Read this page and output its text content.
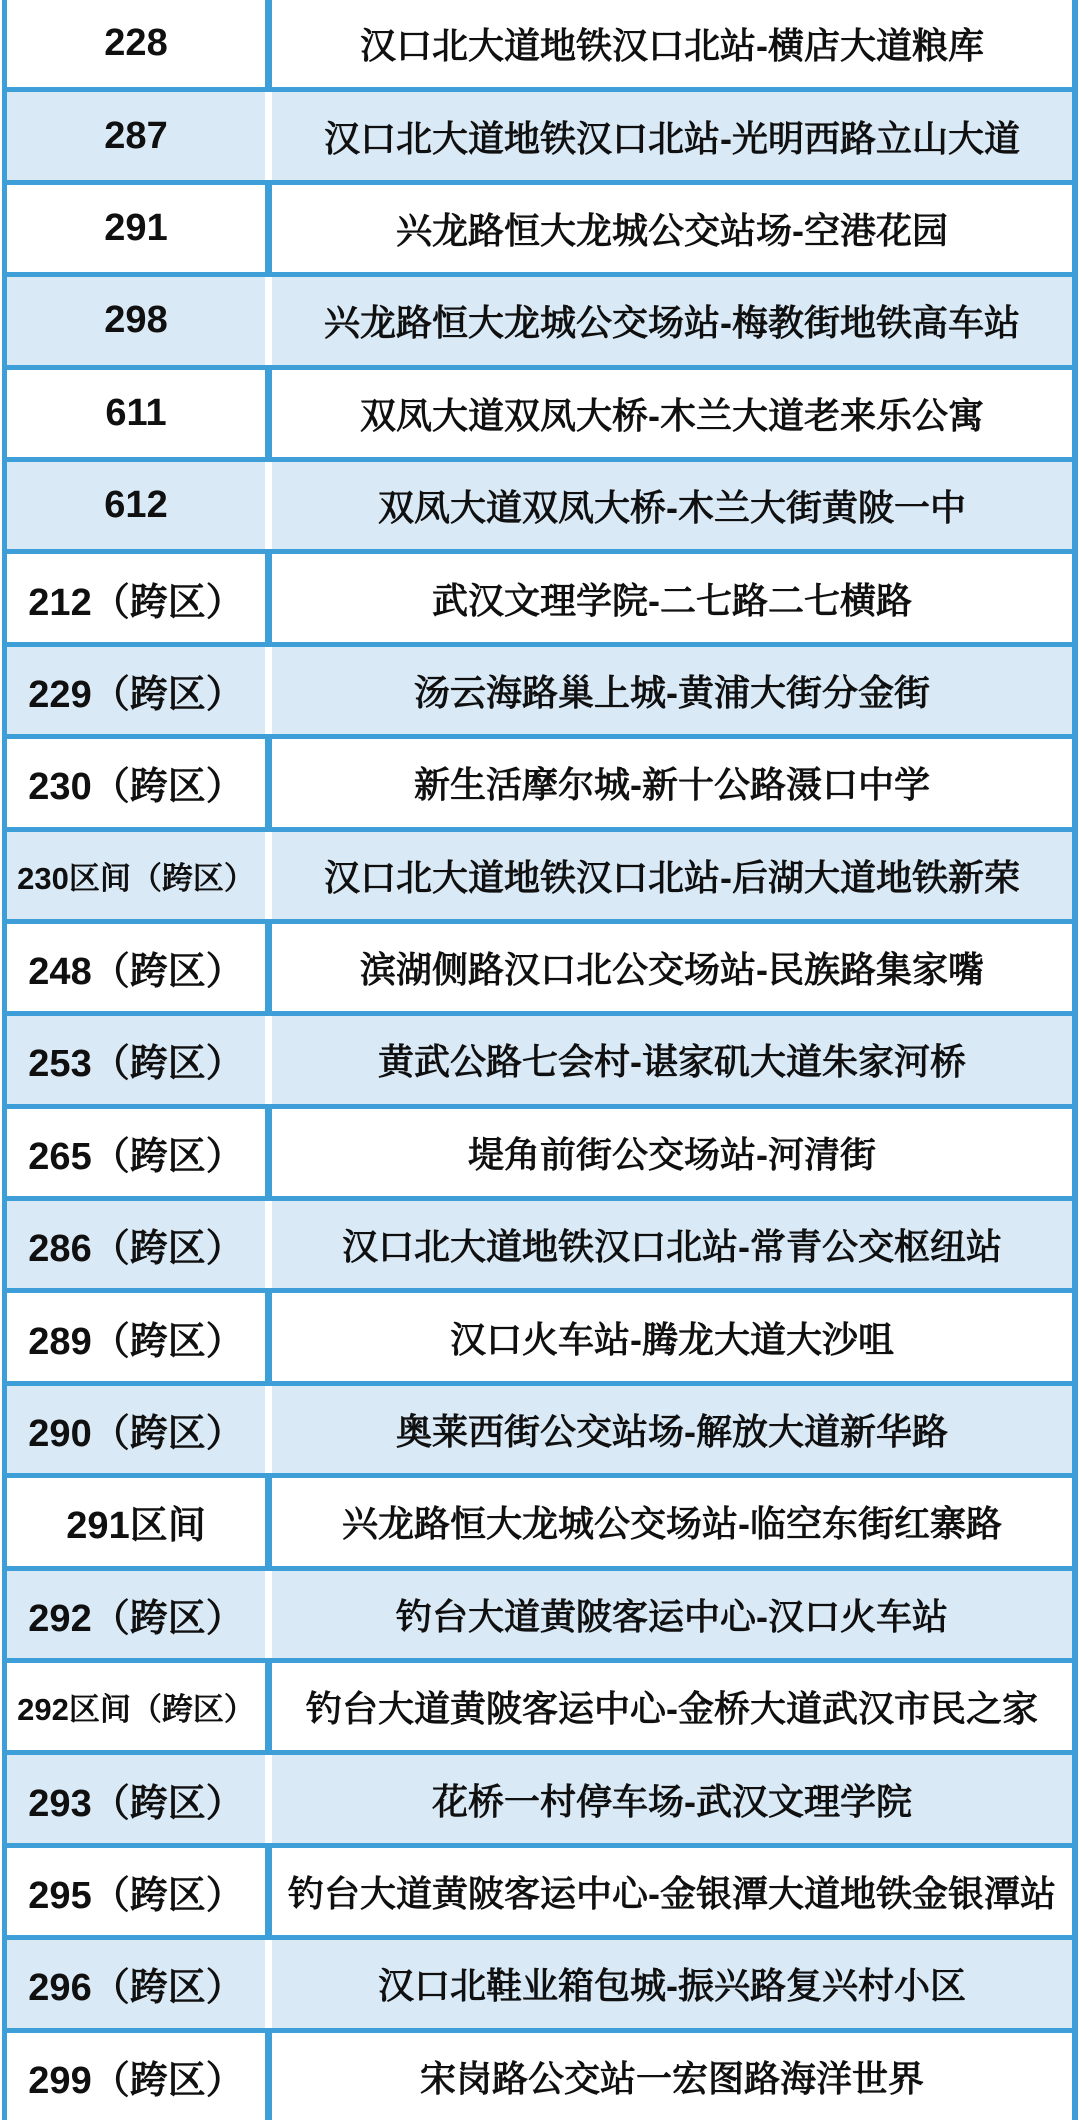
228	汉口北大道地铁汉口北站-横店大道粮库
287	汉口北大道地铁汉口北站-光明西路立山大道
291	兴龙路恒大龙城公交站场-空港花园
298	兴龙路恒大龙城公交场站-梅教街地铁高车站
611	双凤大道双凤大桥-木兰大道老来乐公寓
612	双凤大道双凤大桥-木兰大街黄陂一中
212（跨区）	武汉文理学院-二七路二七横路
229（跨区）	汤云海路巢上城-黄浦大街分金街
230（跨区）	新生活摩尔城-新十公路滠口中学
230区间（跨区）	汉口北大道地铁汉口北站-后湖大道地铁新荣
248（跨区）	滨湖侧路汉口北公交场站-民族路集家嘴
253（跨区）	黄武公路七会村-谌家矶大道朱家河桥
265（跨区）	堤角前街公交场站-河清街
286（跨区）	汉口北大道地铁汉口北站-常青公交枢纽站
289（跨区）	汉口火车站-腾龙大道大沙咀
290（跨区）	奥莱西街公交站场-解放大道新华路
291区间	兴龙路恒大龙城公交场站-临空东街红寨路
292（跨区）	钓台大道黄陂客运中心-汉口火车站
292区间（跨区）	钓台大道黄陂客运中心-金桥大道武汉市民之家
293（跨区）	花桥一村停车场-武汉文理学院
295（跨区）	钓台大道黄陂客运中心-金银潭大道地铁金银潭站
296（跨区）	汉口北鞋业箱包城-振兴路复兴村小区
299（跨区）	宋岗路公交站一宏图路海洋世界
